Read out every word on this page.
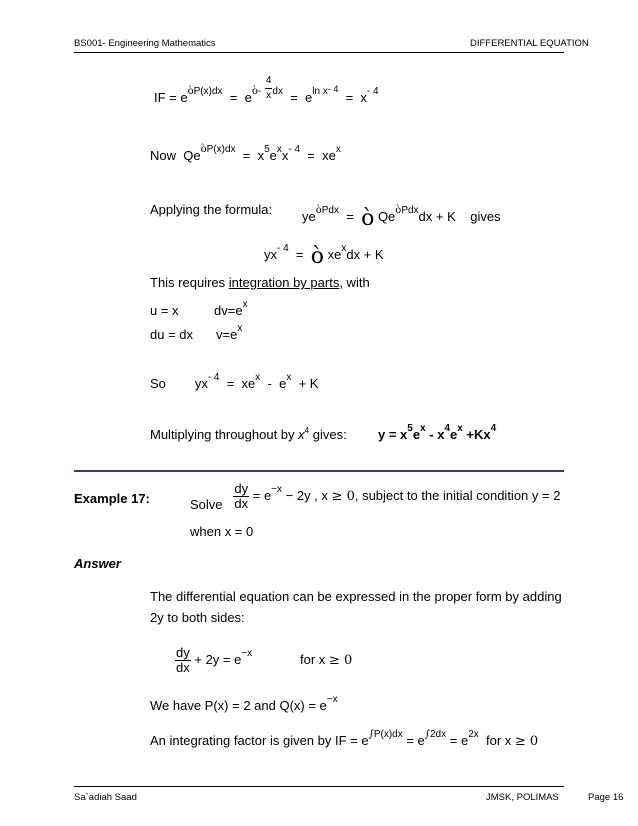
BS001- Engineering Mathematics	DIFFERENTIAL EQUATION
IF = $e^{òP(x)dx} = e^{ò-} \frac{4}{x} ^{dx} = e^{ln x- 4} = x^{- 4}$
Now $Qe^{òP(x)dx} = x^5e^xx^{- 4} = xe^x$
Applying the formula: $ye^{òPdx}$ = ò $Qe^{òPdx}dx + K$ gives
$yx^{- 4}$ = ò $xe^xdx + K$
This requires integration by parts, with
u = x	$dv=e^x$
du = dx $v=e^x$
So $yx^{- 4} = xe^x - e^x + K$
Multiplying throughout by $x^4$ gives: $y = x^5e^x - x^4e^x +Kx^4$
Example 17:	Solve $\frac{dy}{dx} = e^{-x} - 2y$ , x ≥ 0, subject to the initial condition y = 2
when x = 0
Answer
The differential equation can be expressed in the proper form by adding
2y to both sides:
$\frac{dy}{dx} + 2y = e^{-x}$	for x ≥ 0
We have P(x) = 2 and $Q(x) = e^{-x}$
An integrating factor is given by IF = $e^{\int P(x)dx} = e^{\int 2dx} = e^{2x}$ for x ≥ 0
Sa`adiah Saad	JMSK, POLIMAS	Page 16
